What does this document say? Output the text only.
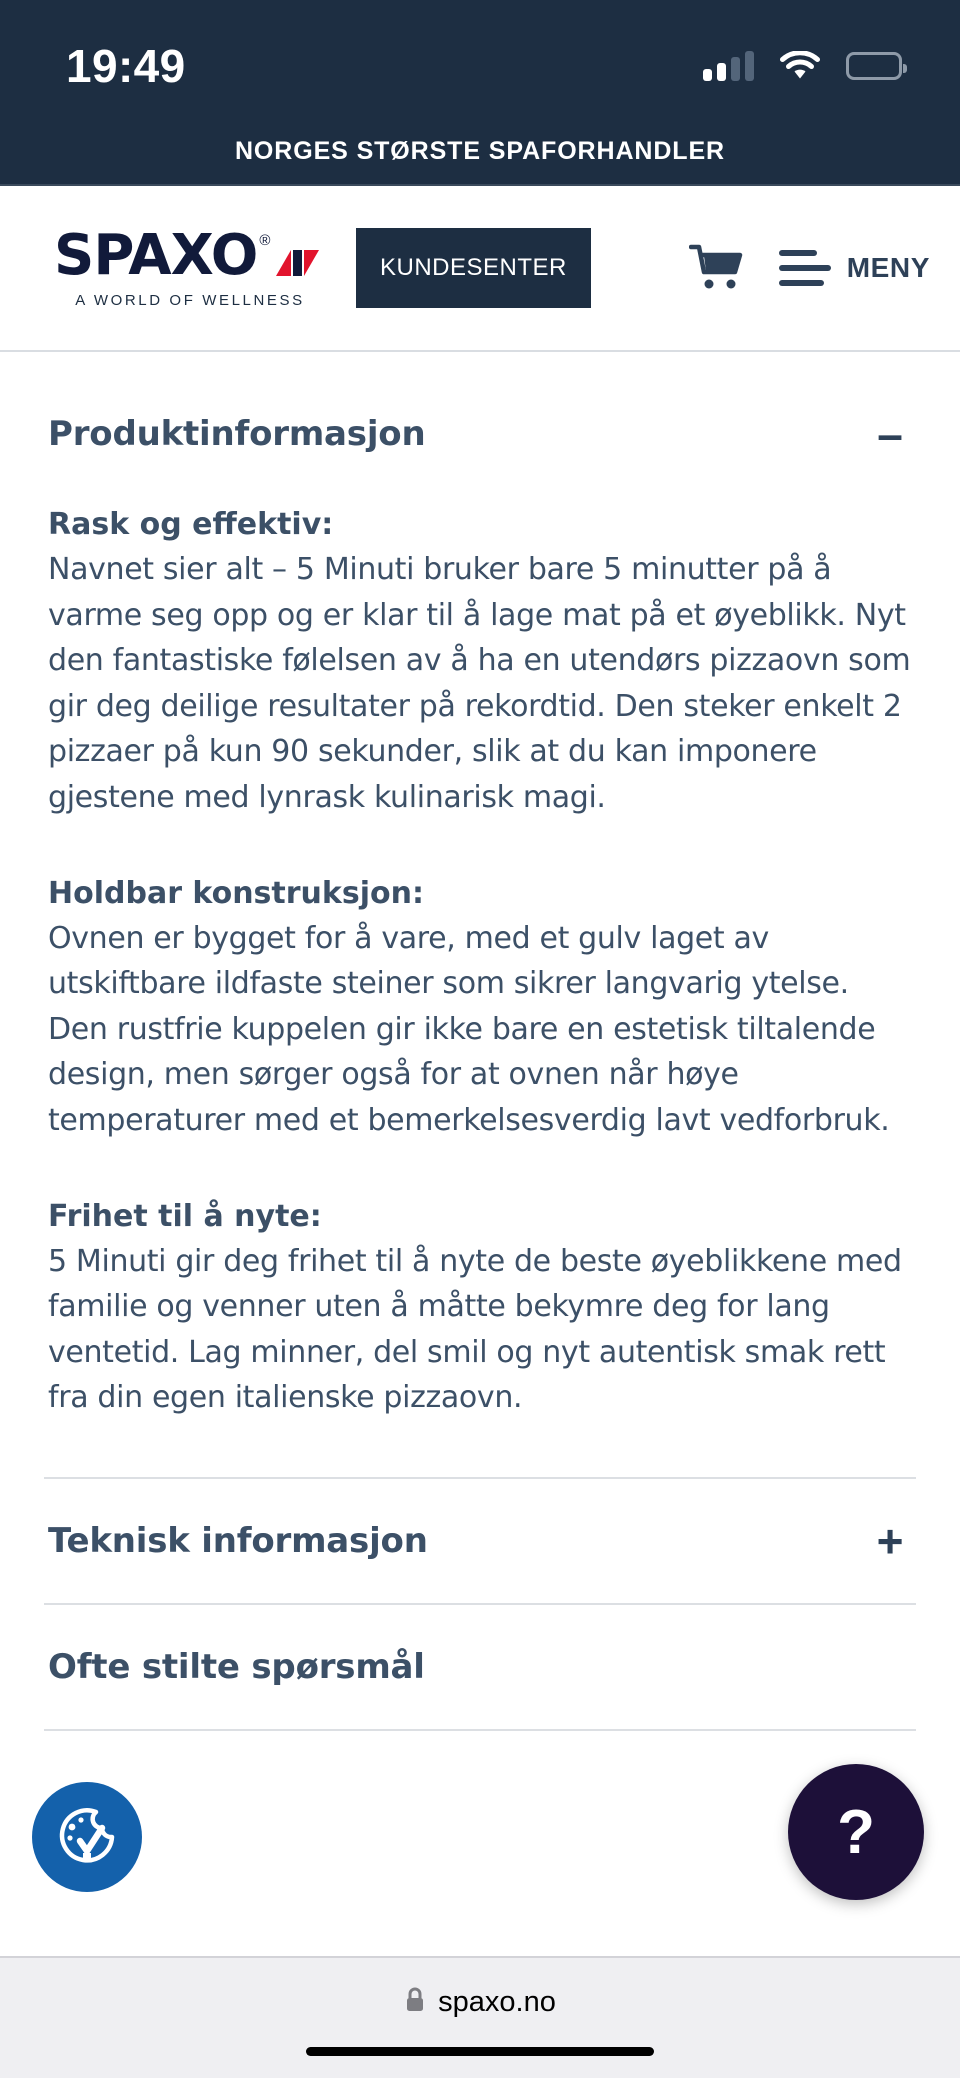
19:49
NORGES STØRSTE SPAFORHANDLER
SPAXO ®
A WORLD OF WELLNESS
KUNDESENTER	MENY
Produktinformasjon	–
Rask og effektiv:
Navnet sier alt – 5 Minuti bruker bare 5 minutter på å varme seg opp og er klar til å lage mat på et øyeblikk. Nyt den fantastiske følelsen av å ha en utendørs pizzaovn som gir deg deilige resultater på rekordtid. Den steker enkelt 2 pizzaer på kun 90 sekunder, slik at du kan imponere gjestene med lynrask kulinarisk magi.
Holdbar konstruksjon:
Ovnen er bygget for å vare, med et gulv laget av utskiftbare ildfaste steiner som sikrer langvarig ytelse. Den rustfrie kuppelen gir ikke bare en estetisk tiltalende design, men sørger også for at ovnen når høye temperaturer med et bemerkelsesverdig lavt vedforbruk.
Frihet til å nyte:
5 Minuti gir deg frihet til å nyte de beste øyeblikkene med familie og venner uten å måtte bekymre deg for lang ventetid. Lag minner, del smil og nyt autentisk smak rett fra din egen italienske pizzaovn.
Teknisk informasjon	+
Ofte stilte spørsmål
?
spaxo.no
